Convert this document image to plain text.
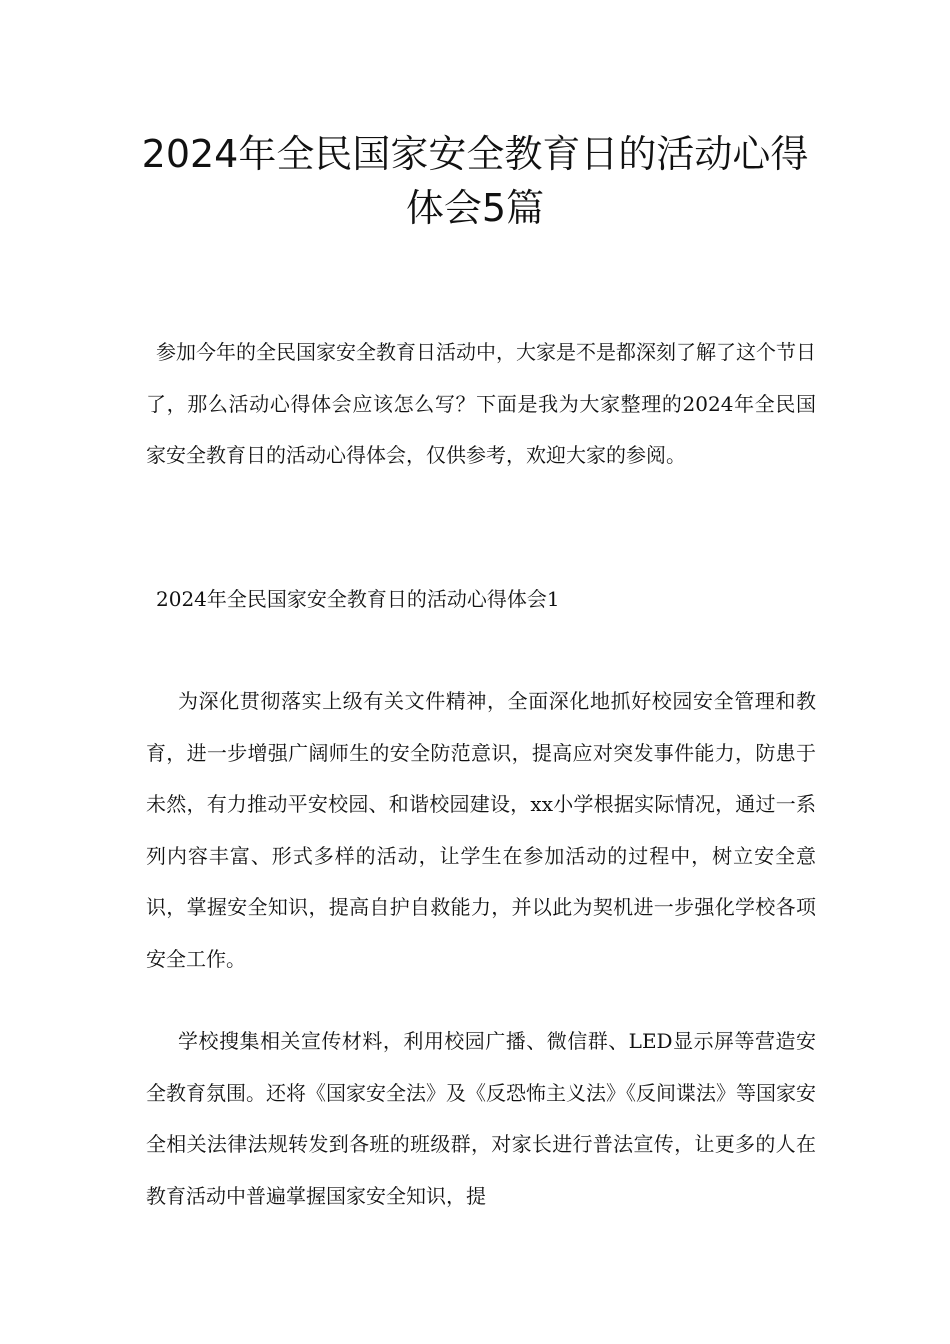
2024年全民国家安全教育日的活动心得
体会5篇

参加今年的全民国家安全教育日活动中，大家是不是都深刻了解了这个节日了，那么活动心得体会应该怎么写？下面是我为大家整理的2024年全民国家安全教育日的活动心得体会，仅供参考，欢迎大家的参阅。

2024年全民国家安全教育日的活动心得体会1

为深化贯彻落实上级有关文件精神，全面深化地抓好校园安全管理和教育，进一步增强广阔师生的安全防范意识，提高应对突发事件能力，防患于未然，有力推动平安校园、和谐校园建设，xx小学根据实际情况，通过一系列内容丰富、形式多样的活动，让学生在参加活动的过程中，树立安全意识，掌握安全知识，提高自护自救能力，并以此为契机进一步强化学校各项安全工作。

学校搜集相关宣传材料，利用校园广播、微信群、LED显示屏等营造安全教育氛围。还将《国家安全法》及《反恐怖主义法》《反间谍法》等国家安全相关法律法规转发到各班的班级群，对家长进行普法宣传，让更多的人在教育活动中普遍掌握国家安全知识，提
